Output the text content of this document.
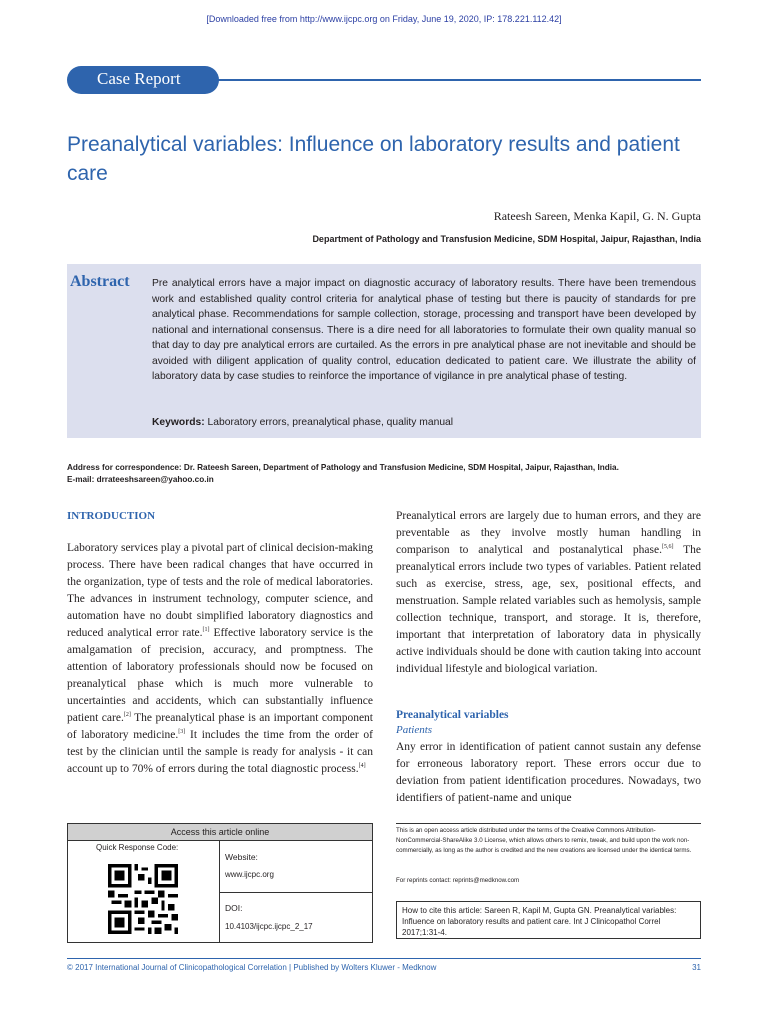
[Downloaded free from http://www.ijcpc.org on Friday, June 19, 2020, IP: 178.221.112.42]
Case Report
Preanalytical variables: Influence on laboratory results and patient care
Rateesh Sareen, Menka Kapil, G. N. Gupta
Department of Pathology and Transfusion Medicine, SDM Hospital, Jaipur, Rajasthan, India
Abstract Pre analytical errors have a major impact on diagnostic accuracy of laboratory results. There have been tremendous work and established quality control criteria for analytical phase of testing but there is paucity of standards for pre analytical phase. Recommendations for sample collection, storage, processing and transport have been developed by national and international consensus. There is a dire need for all laboratories to formulate their own quality manual so that day to day pre analytical errors are curtailed. As the errors in pre analytical phase are not inevitable and should be avoided with diligent application of quality control, education dedicated to patient care. We illustrate the ability of laboratory data by case studies to reinforce the importance of vigilance in pre analytical phase of testing.
Keywords: Laboratory errors, preanalytical phase, quality manual
Address for correspondence: Dr. Rateesh Sareen, Department of Pathology and Transfusion Medicine, SDM Hospital, Jaipur, Rajasthan, India.
E-mail: drrateeshsareen@yahoo.co.in
INTRODUCTION
Laboratory services play a pivotal part of clinical decision-making process. There have been radical changes that have occurred in the organization, type of tests and the role of medical laboratories. The advances in instrument technology, computer science, and automation have no doubt simplified laboratory diagnostics and reduced analytical error rate.[1] Effective laboratory service is the amalgamation of precision, accuracy, and promptness. The attention of laboratory professionals should now be focused on preanalytical phase which is much more vulnerable to uncertainties and accidents, which can substantially influence patient care.[2] The preanalytical phase is an important component of laboratory medicine.[3] It includes the time from the order of test by the clinician until the sample is ready for analysis - it can account up to 70% of errors during the total diagnostic process.[4]
Preanalytical errors are largely due to human errors, and they are preventable as they involve mostly human handling in comparison to analytical and postanalytical phase.[5,6] The preanalytical errors include two types of variables. Patient related such as exercise, stress, age, sex, positional effects, and menstruation. Sample related variables such as hemolysis, sample collection technique, transport, and storage. It is, therefore, important that interpretation of laboratory data in physically active individuals should be done with caution taking into account individual lifestyle and biological variation.
Preanalytical variables
Patients
Any error in identification of patient cannot sustain any defense for erroneous laboratory report. These errors occur due to deviation from patient identification procedures. Nowadays, two identifiers of patient-name and unique
Access this article online
Quick Response Code:
Website:
www.ijcpc.org
DOI:
10.4103/ijcpc.ijcpc_2_17
This is an open access article distributed under the terms of the Creative Commons Attribution-NonCommercial-ShareAlike 3.0 License, which allows others to remix, tweak, and build upon the work non-commercially, as long as the author is credited and the new creations are licensed under the identical terms.
For reprints contact: reprints@medknow.com
How to cite this article: Sareen R, Kapil M, Gupta GN. Preanalytical variables: Influence on laboratory results and patient care. Int J Clinicopathol Correl 2017;1:31-4.
© 2017 International Journal of Clinicopathological Correlation | Published by Wolters Kluwer - Medknow	31
